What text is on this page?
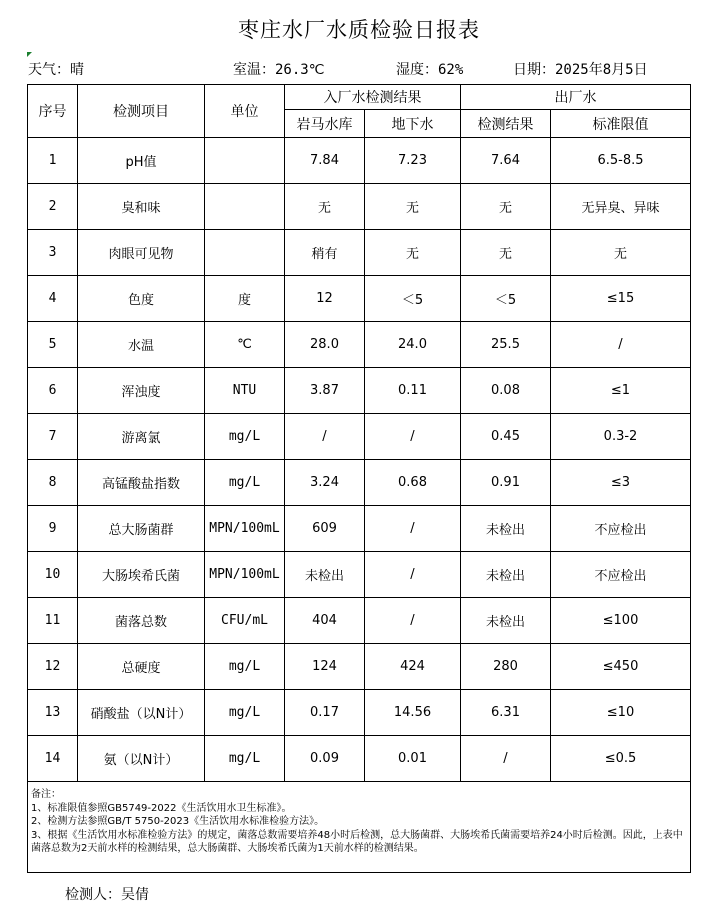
枣庄水厂水质检验日报表
天气：晴	室温：26.3℃	湿度：62%	日期：2025年8月5日
序号	检测项目	单位	入厂水检测结果		出厂水	
			岩马水库	地下水	检测结果	标准限值
1	pH值		7.84	7.23	7.64	6.5-8.5
2	臭和味		无	无	无	无异臭、异味
3	肉眼可见物		稍有	无	无	无
4	色度	度	12	＜5	＜5	≤15
5	水温	℃	28.0	24.0	25.5	/
6	浑浊度	NTU	3.87	0.11	0.08	≤1
7	游离氯	mg/L	/	/	0.45	0.3-2
8	高锰酸盐指数	mg/L	3.24	0.68	0.91	≤3
9	总大肠菌群	MPN/100mL	609	/	未检出	不应检出
10	大肠埃希氏菌	MPN/100mL	未检出	/	未检出	不应检出
11	菌落总数	CFU/mL	404	/	未检出	≤100
12	总硬度	mg/L	124	424	280	≤450
13	硝酸盐（以N计）	mg/L	0.17	14.56	6.31	≤10
14	氨（以N计）	mg/L	0.09	0.01	/	≤0.5

备注：
1、标准限值参照GB5749-2022《生活饮用水卫生标准》。
2、检测方法参照GB/T 5750-2023《生活饮用水标准检验方法》。
3、根据《生活饮用水标准检验方法》的规定，菌落总数需要培养48小时后检测，总大肠菌群、大肠埃希氏菌需要培养24小时后检测。因此，上表中菌落总数为2天前水样的检测结果，总大肠菌群、大肠埃希氏菌为1天前水样的检测结果。						
检测人：吴倩
